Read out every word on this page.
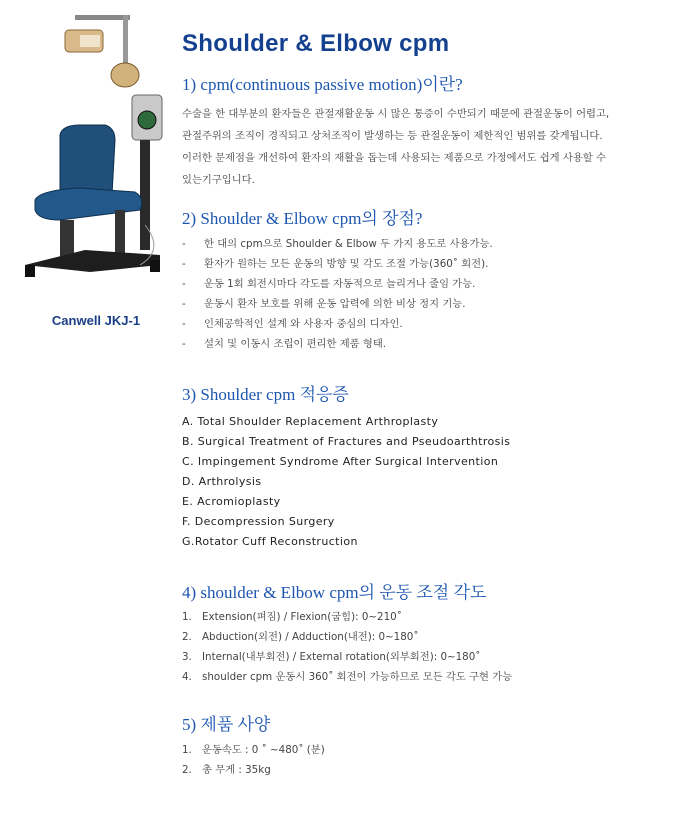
Canwell JKJ-1
Shoulder & Elbow cpm
1) cpm(continuous passive motion)이란?
수술을 한 대부분의 환자들은 관절재활운동 시 많은 통증이 수반되기 때문에 관절운동이 어렵고,
관절주위의 조직이 경직되고 상처조직이 발생하는 등 관절운동이 제한적인 범위를 갖게됩니다.
이러한 문제점을 개선하여 환자의 재활을 돕는데 사용되는 제품으로 가정에서도 쉽게 사용할 수
있는기구입니다.
2) Shoulder & Elbow cpm의 장점?
- 한 대의 cpm으로 Shoulder & Elbow 두 가지 용도로 사용가능.
- 환자가 원하는 모든 운동의 방향 및 각도 조절 가능(360˚ 회전).
- 운동 1회 회전시마다 각도를 자동적으로 늘리거나 줄임 가능.
- 운동시 환자 보호를 위해 운동 압력에 의한 비상 정지 기능.
- 인체공학적인 설계 와 사용자 중심의 디자인.
- 설치 및 이동시 조립이 편리한 제품 형태.
3) Shoulder cpm 적응증
A. Total Shoulder Replacement Arthroplasty
B. Surgical Treatment of Fractures and Pseudoarthtrosis
C. Impingement Syndrome After Surgical Intervention
D. Arthrolysis
E. Acromioplasty
F. Decompression Surgery
G.Rotator Cuff Reconstruction
4) shoulder & Elbow cpm의 운동 조절 각도
1. Extension(펴짐) / Flexion(굽힘): 0~210˚
2. Abduction(외전) / Adduction(내전): 0~180˚
3. Internal(내부회전) / External rotation(외부회전): 0~180˚
4. shoulder cpm 운동시 360˚ 회전이 가능하므로 모든 각도 구현 가능
5) 제품 사양
1. 운동속도 : 0 ˚ ~480˚ (분)
2. 총 무게 : 35kg
